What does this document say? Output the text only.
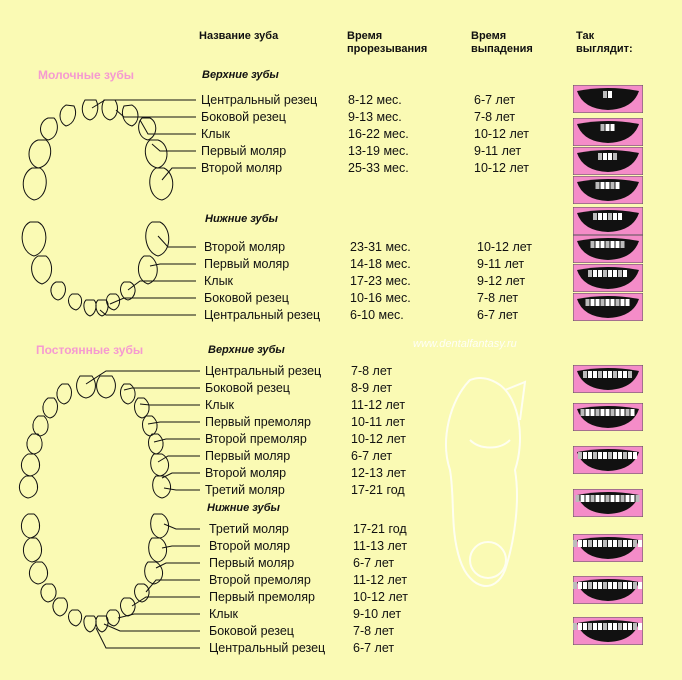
Название зуба	Время прорезывания
Время выпадения
Так выглядит:
Молочные зубы	Верхние зубы
Нижние зубы
Постоянные зубы	Верхние зубы
Нижние зубы
www.dentalfantasy.ru
Центральный резец 8-12 мес.	6-7 лет
Боковой резец	9-13 мес.	7-8 лет
Клык	16-22 мес.	10-12 лет
Первый моляр	13-19 мес.	9-11 лет
Второй моляр	25-33 мес.	10-12 лет
Второй моляр	23-31 мес.	10-12 лет
Первый моляр	14-18 мес.	9-11 лет
Клык	17-23 мес.	9-12 лет
Боковой резец	10-16 мес.	7-8 лет
Центральный резец 6-10 мес.	6-7 лет
Центральный резец 7-8 лет
Боковой резец	8-9 лет
Клык	11-12 лет
Первый премоляр	10-11 лет
Второй премоляр	10-12 лет
Первый моляр	6-7 лет
Второй моляр	12-13 лет
Третий моляр	17-21 год
Третий моляр	17-21 год
Второй моляр	11-13 лет
Первый моляр	6-7 лет
Второй премоляр	11-12 лет
Первый премоляр	10-12 лет
Клык	9-10 лет
Боковой резец	7-8 лет
Центральный резец 6-7 лет
